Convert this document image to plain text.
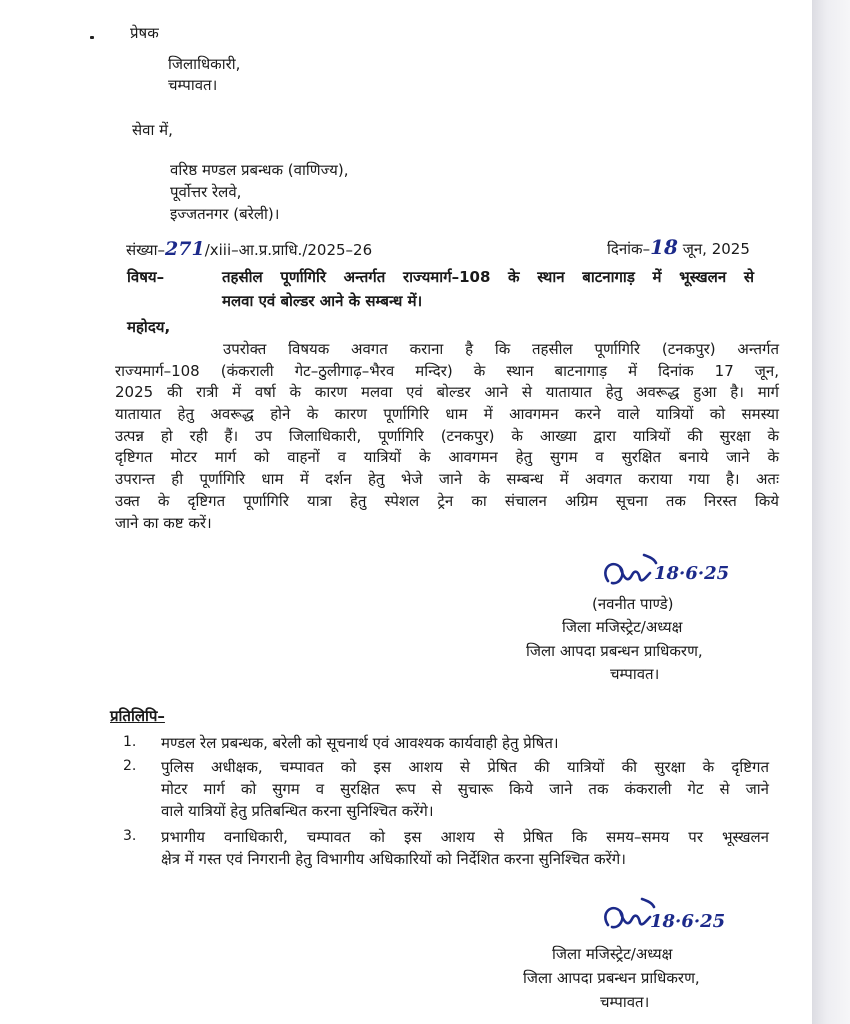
प्रेषक
जिलाधिकारी,
चम्पावत।
सेवा में,
वरिष्ठ मण्डल प्रबन्धक (वाणिज्य),
पूर्वोत्तर रेलवे,
इज्जतनगर (बरेली)।
संख्या–271/xiii–आ.प्र.प्राधि./2025–26	दिनांक–18 जून, 2025
विषय–	तहसील पूर्णागिरि अन्तर्गत राज्यमार्ग–108 के स्थान बाटनागाड़ में भूस्खलन से
मलवा एवं बोल्डर आने के सम्बन्ध में।
महोदय,
उपरोक्त विषयक अवगत कराना है कि तहसील पूर्णागिरि (टनकपुर) अन्तर्गत
राज्यमार्ग–108 (कंकराली गेट–ठुलीगाढ़–भैरव मन्दिर) के स्थान बाटनागाड़ में दिनांक 17 जून,
2025 की रात्री में वर्षा के कारण मलवा एवं बोल्डर आने से यातायात हेतु अवरूद्ध हुआ है। मार्ग
यातायात हेतु अवरूद्ध होने के कारण पूर्णागिरि धाम में आवगमन करने वाले यात्रियों को समस्या
उत्पन्न हो रही हैं। उप जिलाधिकारी, पूर्णागिरि (टनकपुर) के आख्या द्वारा यात्रियों की सुरक्षा के
दृष्टिगत मोटर मार्ग को वाहनों व यात्रियों के आवगमन हेतु सुगम व सुरक्षित बनाये जाने के
उपरान्त ही पूर्णागिरि धाम में दर्शन हेतु भेजे जाने के सम्बन्ध में अवगत कराया गया है। अतः
उक्त के दृष्टिगत पूर्णागिरि यात्रा हेतु स्पेशल ट्रेन का संचालन अग्रिम सूचना तक निरस्त किये
जाने का कष्ट करें।
18·6·25
(नवनीत पाण्डे)
जिला मजिस्ट्रेट/अध्यक्ष
जिला आपदा प्रबन्धन प्राधिकरण,
चम्पावत।
प्रतिलिपि–
1. मण्डल रेल प्रबन्धक, बरेली को सूचनार्थ एवं आवश्यक कार्यवाही हेतु प्रेषित।
2. पुलिस अधीक्षक, चम्पावत को इस आशय से प्रेषित की यात्रियों की सुरक्षा के दृष्टिगत
मोटर मार्ग को सुगम व सुरक्षित रूप से सुचारू किये जाने तक कंकराली गेट से जाने
वाले यात्रियों हेतु प्रतिबन्धित करना सुनिश्चित करेंगे।
3. प्रभागीय वनाधिकारी, चम्पावत को इस आशय से प्रेषित कि समय–समय पर भूस्खलन
क्षेत्र में गस्त एवं निगरानी हेतु विभागीय अधिकारियों को निर्देशित करना सुनिश्चित करेंगे।
18·6·25
जिला मजिस्ट्रेट/अध्यक्ष
जिला आपदा प्रबन्धन प्राधिकरण,
चम्पावत।
